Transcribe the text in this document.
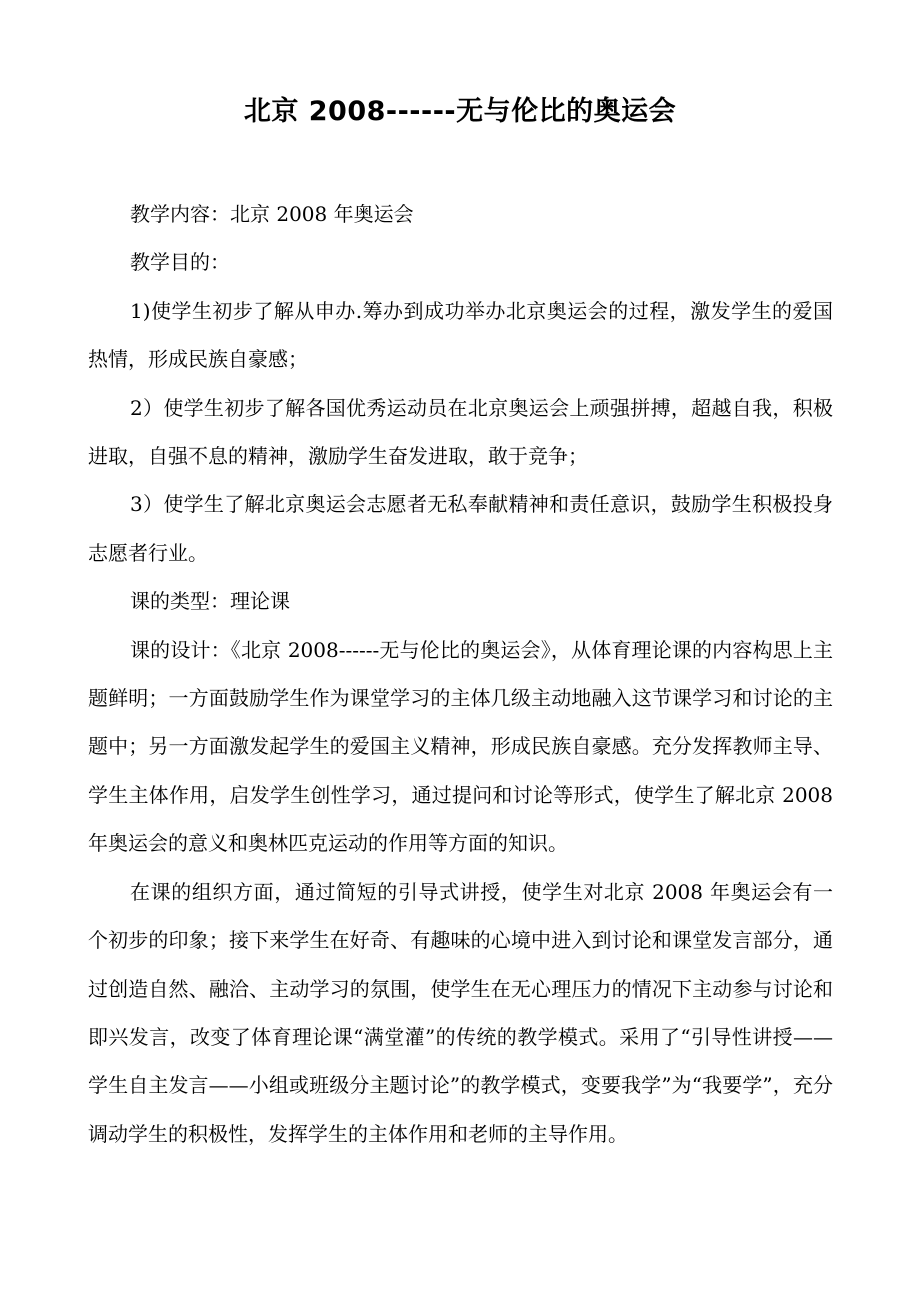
北京 2008------无与伦比的奥运会

教学内容：北京 2008 年奥运会

教学目的：

1)使学生初步了解从申办.筹办到成功举办北京奥运会的过程，激发学生的爱国热情，形成民族自豪感；

2）使学生初步了解各国优秀运动员在北京奥运会上顽强拼搏，超越自我，积极进取，自强不息的精神，激励学生奋发进取，敢于竞争；

3）使学生了解北京奥运会志愿者无私奉献精神和责任意识，鼓励学生积极投身志愿者行业。

课的类型：理论课

课的设计：《北京 2008------无与伦比的奥运会》，从体育理论课的内容构思上主题鲜明；一方面鼓励学生作为课堂学习的主体几级主动地融入这节课学习和讨论的主题中；另一方面激发起学生的爱国主义精神，形成民族自豪感。充分发挥教师主导、学生主体作用，启发学生创性学习，通过提问和讨论等形式，使学生了解北京 2008 年奥运会的意义和奥林匹克运动的作用等方面的知识。

在课的组织方面，通过简短的引导式讲授，使学生对北京 2008 年奥运会有一个初步的印象；接下来学生在好奇、有趣味的心境中进入到讨论和课堂发言部分，通过创造自然、融洽、主动学习的氛围，使学生在无心理压力的情况下主动参与讨论和即兴发言，改变了体育理论课“满堂灌”的传统的教学模式。采用了“引导性讲授——学生自主发言——小组或班级分主题讨论”的教学模式，变要我学”为“我要学”，充分调动学生的积极性，发挥学生的主体作用和老师的主导作用。
